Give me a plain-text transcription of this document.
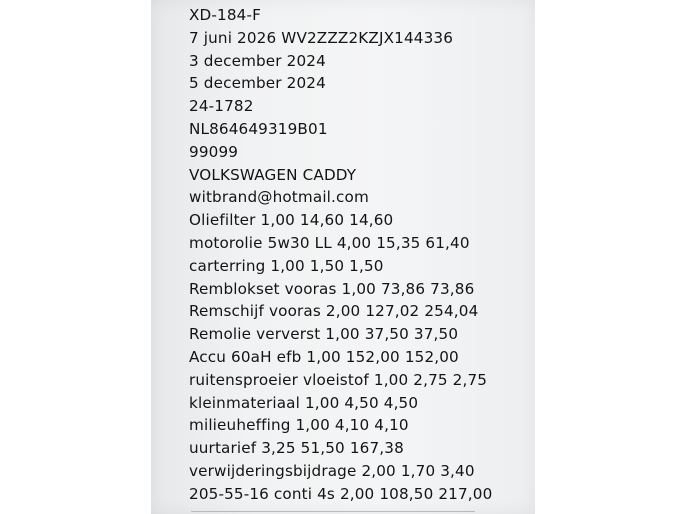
XD-184-F
7 juni 2026 WV2ZZZ2KZJX144336
3 december 2024
5 december 2024
24-1782
NL864649319B01
99099
VOLKSWAGEN CADDY
witbrand@hotmail.com
Oliefilter 1,00 14,60 14,60
motorolie 5w30 LL 4,00 15,35 61,40
carterring 1,00 1,50 1,50
Remblokset vooras 1,00 73,86 73,86
Remschijf vooras 2,00 127,02 254,04
Remolie ververst 1,00 37,50 37,50
Accu 60aH efb 1,00 152,00 152,00
ruitensproeier vloeistof 1,00 2,75 2,75
kleinmateriaal 1,00 4,50 4,50
milieuheffing 1,00 4,10 4,10
uurtarief 3,25 51,50 167,38
verwijderingsbijdrage 2,00 1,70 3,40
205-55-16 conti 4s 2,00 108,50 217,00
